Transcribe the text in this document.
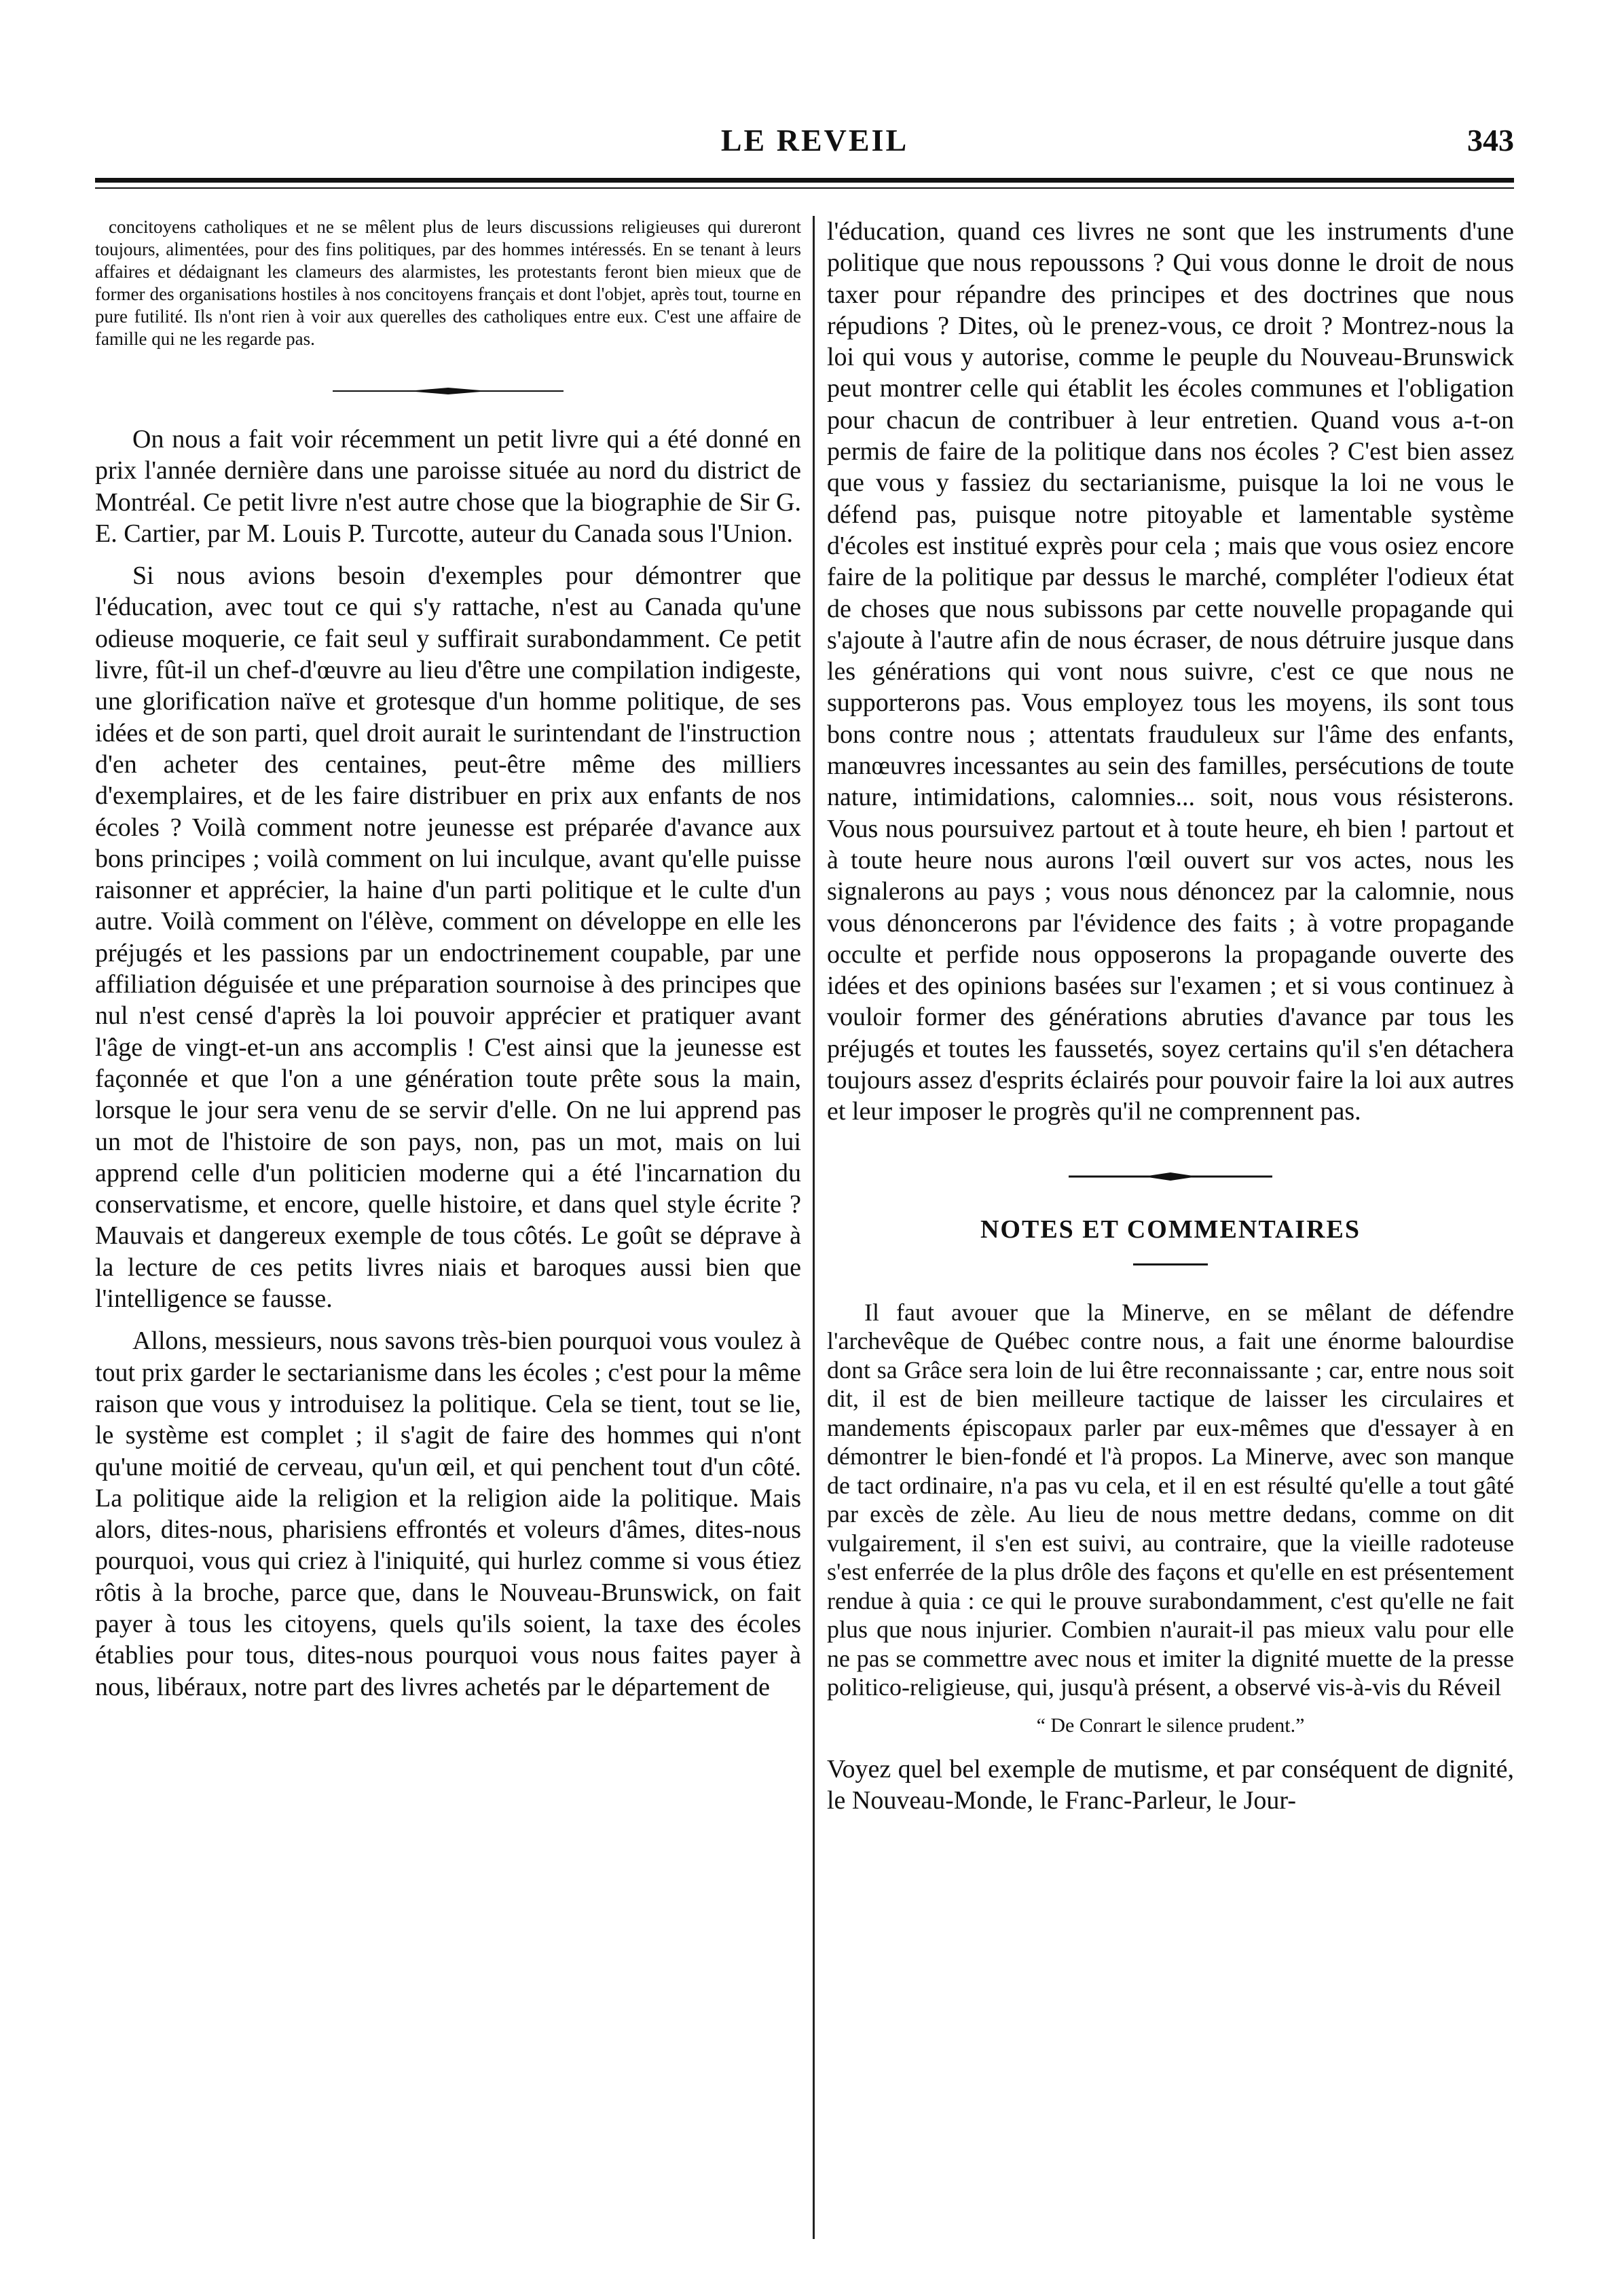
LE REVEIL	343

concitoyens catholiques et ne se mêlent plus de leurs discussions religieuses qui dureront toujours, alimentées, pour des fins politiques, par des hommes intéressés. En se tenant à leurs affaires et dédaignant les clameurs des alarmistes, les protestants feront bien mieux que de former des organisations hostiles à nos concitoyens français et dont l'objet, après tout, tourne en pure futilité. Ils n'ont rien à voir aux querelles des catholiques entre eux. C'est une affaire de famille qui ne les regarde pas.

On nous a fait voir récemment un petit livre qui a été donné en prix l'année dernière dans une paroisse située au nord du district de Montréal. Ce petit livre n'est autre chose que la biographie de Sir G. E. Cartier, par M. Louis P. Turcotte, auteur du Canada sous l'Union.

Si nous avions besoin d'exemples pour démontrer que l'éducation, avec tout ce qui s'y rattache, n'est au Canada qu'une odieuse moquerie, ce fait seul y suffirait surabondamment. Ce petit livre, fût-il un chef-d'œuvre au lieu d'être une compilation indigeste, une glorification naïve et grotesque d'un homme politique, de ses idées et de son parti, quel droit aurait le surintendant de l'instruction d'en acheter des centaines, peut-être même des milliers d'exemplaires, et de les faire distribuer en prix aux enfants de nos écoles ? Voilà comment notre jeunesse est préparée d'avance aux bons principes ; voilà comment on lui inculque, avant qu'elle puisse raisonner et apprécier, la haine d'un parti politique et le culte d'un autre. Voilà comment on l'élève, comment on développe en elle les préjugés et les passions par un endoctrinement coupable, par une affiliation déguisée et une préparation sournoise à des principes que nul n'est censé d'après la loi pouvoir apprécier et pratiquer avant l'âge de vingt-et-un ans accomplis ! C'est ainsi que la jeunesse est façonnée et que l'on a une génération toute prête sous la main, lorsque le jour sera venu de se servir d'elle. On ne lui apprend pas un mot de l'histoire de son pays, non, pas un mot, mais on lui apprend celle d'un politicien moderne qui a été l'incarnation du conservatisme, et encore, quelle histoire, et dans quel style écrite ? Mauvais et dangereux exemple de tous côtés. Le goût se déprave à la lecture de ces petits livres niais et baroques aussi bien que l'intelligence se fausse.

Allons, messieurs, nous savons très-bien pourquoi vous voulez à tout prix garder le sectarianisme dans les écoles ; c'est pour la même raison que vous y introduisez la politique. Cela se tient, tout se lie, le système est complet ; il s'agit de faire des hommes qui n'ont qu'une moitié de cerveau, qu'un œil, et qui penchent tout d'un côté. La politique aide la religion et la religion aide la politique. Mais alors, dites-nous, pharisiens effrontés et voleurs d'âmes, dites-nous pourquoi, vous qui criez à l'iniquité, qui hurlez comme si vous étiez rôtis à la broche, parce que, dans le Nouveau-Brunswick, on fait payer à tous les citoyens, quels qu'ils soient, la taxe des écoles établies pour tous, dites-nous pourquoi vous nous faites payer à nous, libéraux, notre part des livres achetés par le département de

l'éducation, quand ces livres ne sont que les instruments d'une politique que nous repoussons ? Qui vous donne le droit de nous taxer pour répandre des principes et des doctrines que nous répudions ? Dites, où le prenez-vous, ce droit ? Montrez-nous la loi qui vous y autorise, comme le peuple du Nouveau-Brunswick peut montrer celle qui établit les écoles communes et l'obligation pour chacun de contribuer à leur entretien. Quand vous a-t-on permis de faire de la politique dans nos écoles ? C'est bien assez que vous y fassiez du sectarianisme, puisque la loi ne vous le défend pas, puisque notre pitoyable et lamentable système d'écoles est institué exprès pour cela ; mais que vous osiez encore faire de la politique par dessus le marché, compléter l'odieux état de choses que nous subissons par cette nouvelle propagande qui s'ajoute à l'autre afin de nous écraser, de nous détruire jusque dans les générations qui vont nous suivre, c'est ce que nous ne supporterons pas. Vous employez tous les moyens, ils sont tous bons contre nous ; attentats frauduleux sur l'âme des enfants, manœuvres incessantes au sein des familles, persécutions de toute nature, intimidations, calomnies... soit, nous vous résisterons. Vous nous poursuivez partout et à toute heure, eh bien ! partout et à toute heure nous aurons l'œil ouvert sur vos actes, nous les signalerons au pays ; vous nous dénoncez par la calomnie, nous vous dénoncerons par l'évidence des faits ; à votre propagande occulte et perfide nous opposerons la propagande ouverte des idées et des opinions basées sur l'examen ; et si vous continuez à vouloir former des générations abruties d'avance par tous les préjugés et toutes les faussetés, soyez certains qu'il s'en détachera toujours assez d'esprits éclairés pour pouvoir faire la loi aux autres et leur imposer le progrès qu'il ne comprennent pas.

NOTES ET COMMENTAIRES

Il faut avouer que la Minerve, en se mêlant de défendre l'archevêque de Québec contre nous, a fait une énorme balourdise dont sa Grâce sera loin de lui être reconnaissante ; car, entre nous soit dit, il est de bien meilleure tactique de laisser les circulaires et mandements épiscopaux parler par eux-mêmes que d'essayer à en démontrer le bien-fondé et l'à propos. La Minerve, avec son manque de tact ordinaire, n'a pas vu cela, et il en est résulté qu'elle a tout gâté par excès de zèle. Au lieu de nous mettre dedans, comme on dit vulgairement, il s'en est suivi, au contraire, que la vieille radoteuse s'est enferrée de la plus drôle des façons et qu'elle en est présentement rendue à quia : ce qui le prouve surabondamment, c'est qu'elle ne fait plus que nous injurier. Combien n'aurait-il pas mieux valu pour elle ne pas se commettre avec nous et imiter la dignité muette de la presse politico-religieuse, qui, jusqu'à présent, a observé vis-à-vis du Réveil

“ De Conrart le silence prudent.”

Voyez quel bel exemple de mutisme, et par conséquent de dignité, le Nouveau-Monde, le Franc-Parleur, le Jour-
